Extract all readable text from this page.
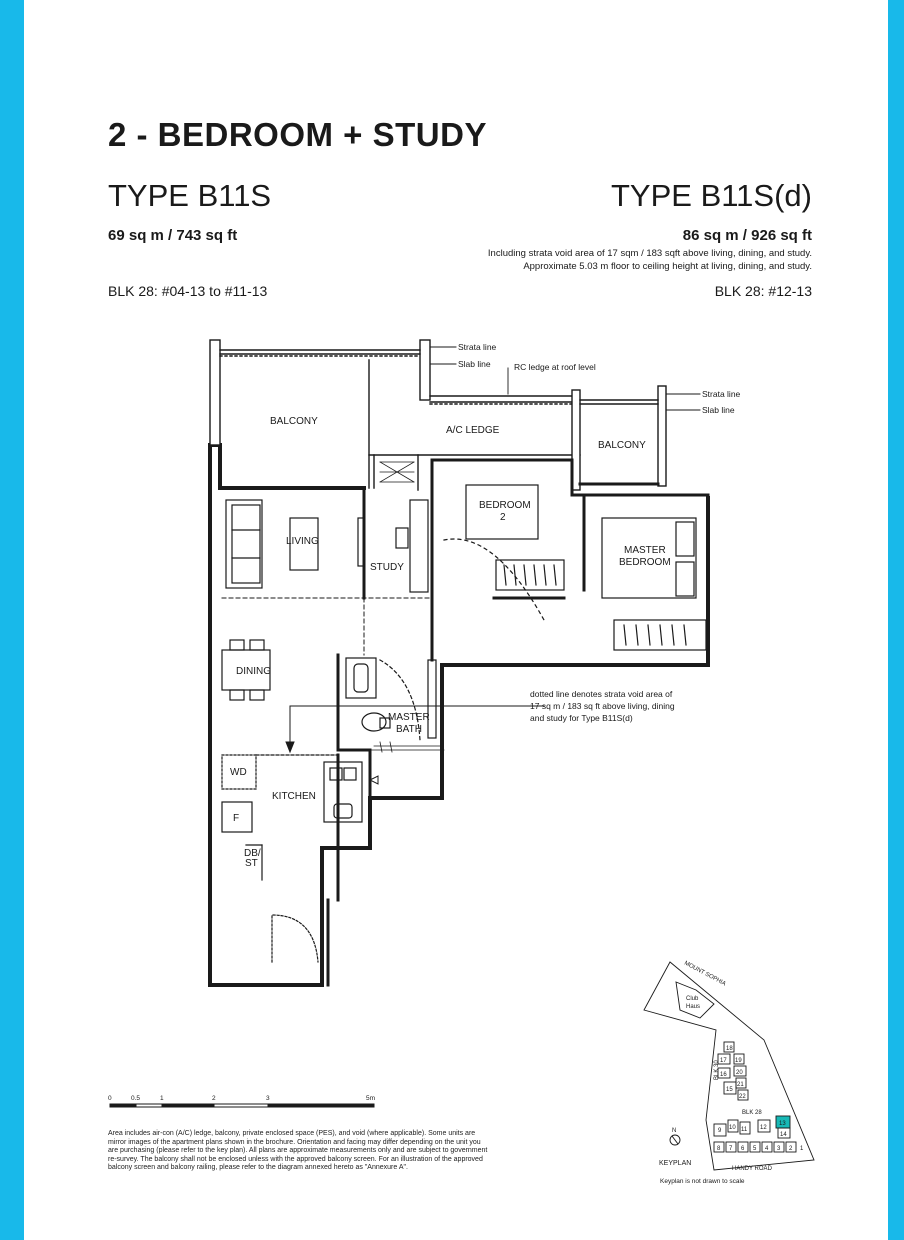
2 - BEDROOM + STUDY
TYPE B11S	TYPE B11S(d)
69 sq m / 743 sq ft	86 sq m / 926 sq ft
Including strata void area of 17 sqm / 183 sqft above living, dining, and study.
Approximate 5.03 m floor to ceiling height at living, dining, and study.
BLK 28: #04-13 to #11-13	BLK 28: #12-13
BALCONY
A/C LEDGE
BALCONY
BEDROOM
2
LIVING
STUDY
MASTER
BEDROOM
DINING
MASTER
BATH
KITCHEN
WD
F
DB/
ST
Strata line
Slab line	RC ledge at roof level
Strata line
Slab line
dotted line denotes strata void area of
17 sq m / 183 sq ft above living, dining
and study for Type B11S(d)
0	0.5	1	2	3	5m
Area includes air-con (A/C) ledge, balcony, private enclosed space (PES), and void (where applicable). Some units are mirror images of the apartment plans shown in the brochure. Orientation and facing may differ depending on the unit you are purchasing (please refer to the key plan). All plans are approximate measurements only and are subject to government re-survey. The balcony shall not be enclosed unless with the approved balcony screen. For an illustration of the approved balcony screen and balcony railing, please refer to the diagram annexed hereto as "Annexure A".
MOUNT SOPHIA
Club
Haus
BLK 30
BLK 28
HANDY ROAD
N
18
17 19
16 20
21
15
22
9 10 11 12
13
14
8 7 6 5 4 3 2 1
KEYPLAN
Keyplan is not drawn to scale
